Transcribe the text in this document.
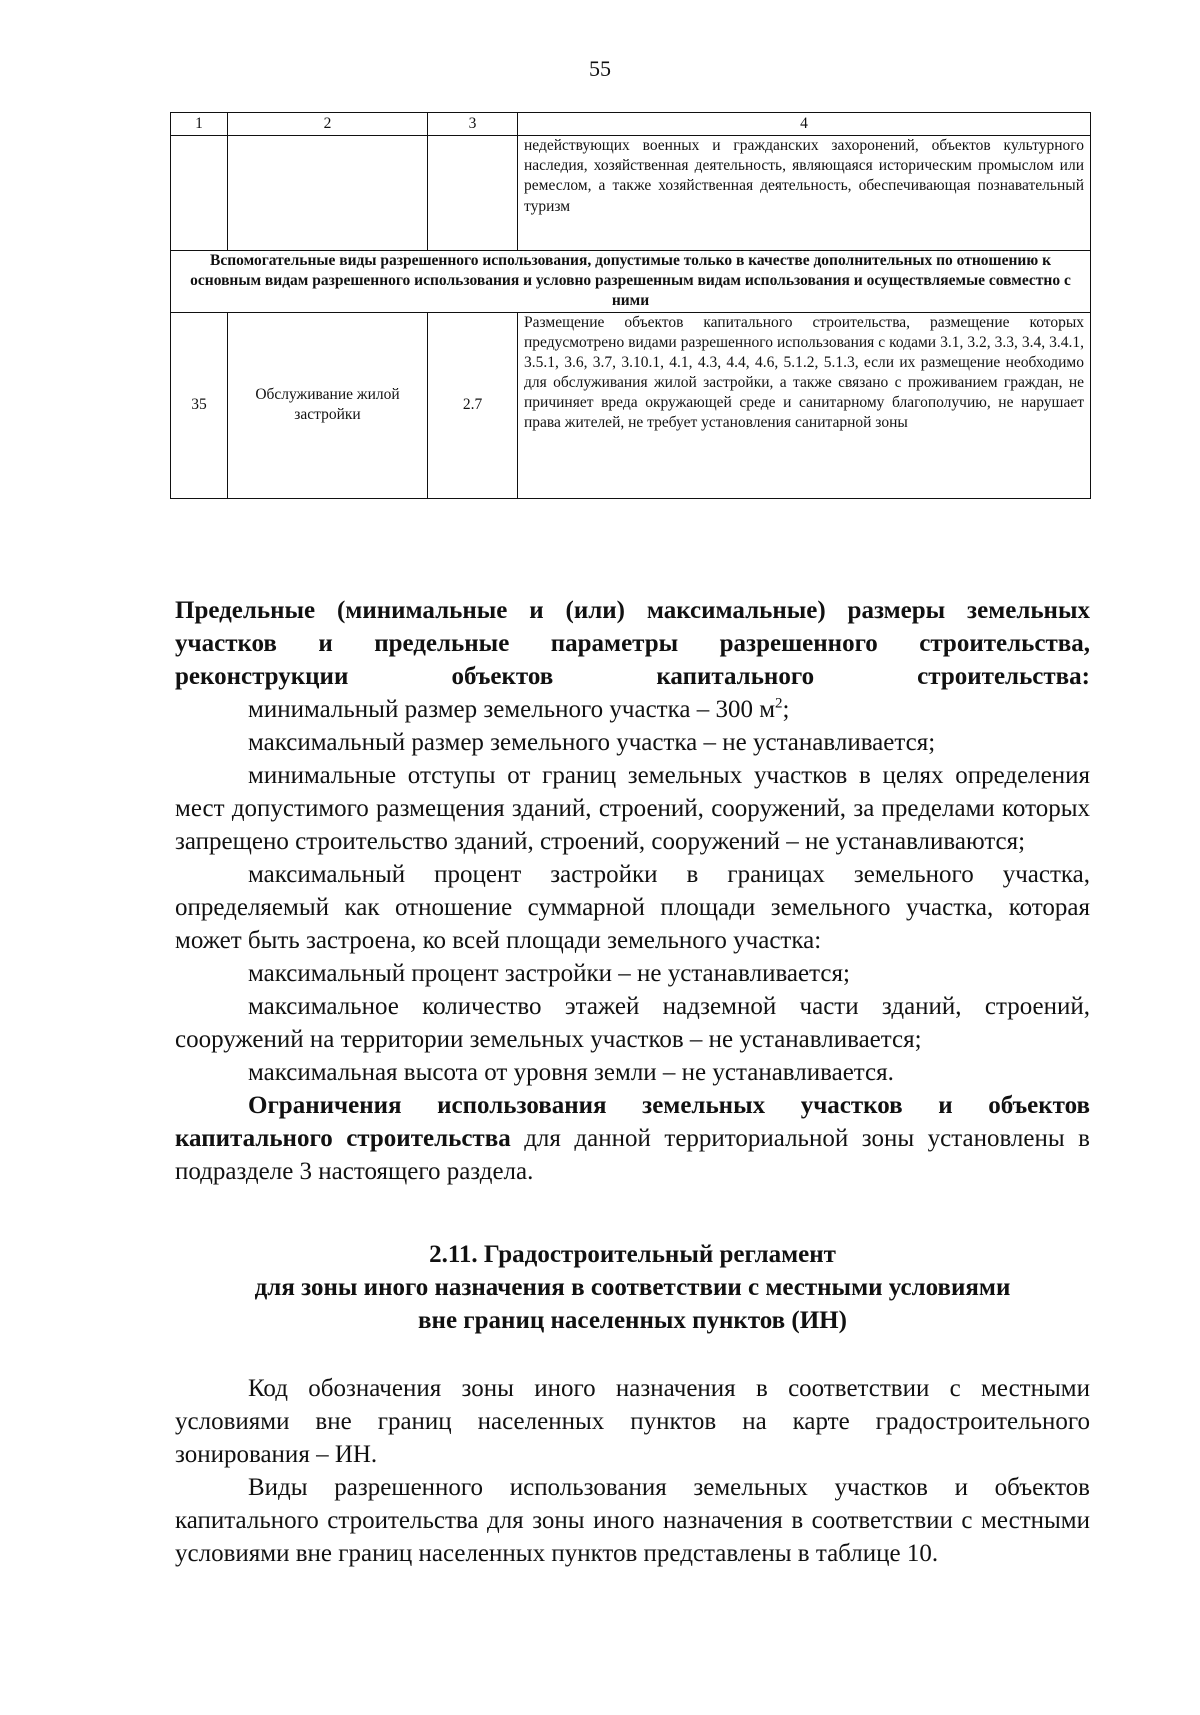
55
1	2	3	4
			недействующих военных и гражданских захоронений, объектов культурного наследия, хозяйственная деятельность, являющаяся историческим промыслом или ремеслом, а также хозяйственная деятельность, обеспечивающая познавательный туризм
Вспомогательные виды разрешенного использования, допустимые только в качестве дополнительных по отношению к основным видам разрешенного использования и условно разрешенным видам использования и осуществляемые совместно с ними			
35	Обслуживание жилой застройки	2.7	Размещение объектов капитального строительства, размещение которых предусмотрено видами разрешенного использования с кодами 3.1, 3.2, 3.3, 3.4, 3.4.1, 3.5.1, 3.6, 3.7, 3.10.1, 4.1, 4.3, 4.4, 4.6, 5.1.2, 5.1.3, если их размещение необходимо для обслуживания жилой застройки, а также связано с проживанием граждан, не причиняет вреда окружающей среде и санитарному благополучию, не нарушает права жителей, не требует установления санитарной зоны

Предельные (минимальные и (или) максимальные) размеры земельных участков и предельные параметры разрешенного строительства, реконструкции объектов капитального строительства:

минимальный размер земельного участка – 300 $м^2$;

максимальный размер земельного участка – не устанавливается;

минимальные отступы от границ земельных участков в целях определения мест допустимого размещения зданий, строений, сооружений, за пределами которых запрещено строительство зданий, строений, сооружений – не устанавливаются;

максимальный процент застройки в границах земельного участка, определяемый как отношение суммарной площади земельного участка, которая может быть застроена, ко всей площади земельного участка:

максимальный процент застройки – не устанавливается;

максимальное количество этажей надземной части зданий, строений, сооружений на территории земельных участков – не устанавливается;

максимальная высота от уровня земли – не устанавливается.

Ограничения использования земельных участков и объектов капитального строительства для данной территориальной зоны установлены в подразделе 3 настоящего раздела.

2.11. Градостроительный регламент
для зоны иного назначения в соответствии с местными условиями
вне границ населенных пунктов (ИН)

Код обозначения зоны иного назначения в соответствии с местными условиями вне границ населенных пунктов на карте градостроительного зонирования – ИН.

Виды разрешенного использования земельных участков и объектов капитального строительства для зоны иного назначения в соответствии с местными условиями вне границ населенных пунктов представлены в таблице 10.
